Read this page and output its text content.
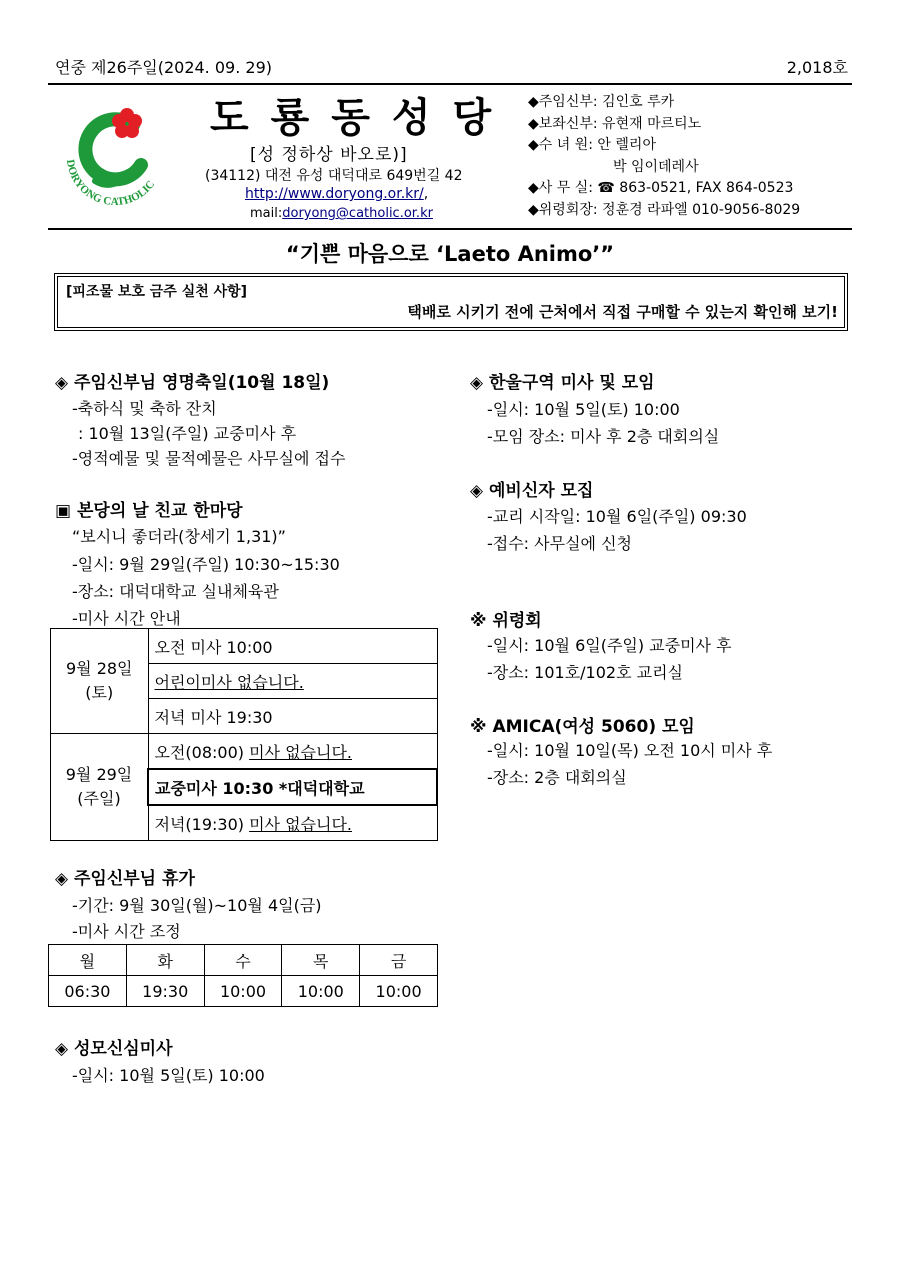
연중 제26주일(2024. 09. 29)	2,018호
DORYONG CATHOLIC
도룡동성당
[성 정하상 바오로)]
(34112) 대전 유성 대덕대로 649번길 42
http://www.doryong.or.kr/,
mail:doryong@catholic.or.kr
◆주임신부: 김인호 루카
◆보좌신부: 유현재 마르티노
◆수 녀 원: 안 렐리아
박 임이데레사
◆사 무 실: ☎ 863-0521, FAX 864-0523
◆위령회장: 정훈경 라파엘 010-9056-8029
“기쁜 마음으로 ‘Laeto Animo’”
[피조물 보호 금주 실천 사항]
택배로 시키기 전에 근처에서 직접 구매할 수 있는지 확인해 보기!
◈ 주임신부님 영명축일(10월 18일)
-축하식 및 축하 잔치
: 10월 13일(주일) 교중미사 후
-영적예물 및 물적예물은 사무실에 접수
▣ 본당의 날 친교 한마당
“보시니 좋더라(창세기 1,31)”
-일시: 9월 29일(주일) 10:30~15:30
-장소: 대덕대학교 실내체육관
-미사 시간 안내
9월 28일
(토)	오전 미사 10:00
	어린이미사 없습니다.
	저녁 미사 19:30
9월 29일
(주일)	오전(08:00) 미사 없습니다.
	교중미사 10:30 *대덕대학교
	저녁(19:30) 미사 없습니다.
◈ 주임신부님 휴가
-기간: 9월 30일(월)~10월 4일(금)
-미사 시간 조정
월	화	수	목	금
06:30	19:30	10:00	10:00	10:00
◈ 성모신심미사
-일시: 10월 5일(토) 10:00
◈ 한울구역 미사 및 모임
-일시: 10월 5일(토) 10:00
-모임 장소: 미사 후 2층 대회의실
◈ 예비신자 모집
-교리 시작일: 10월 6일(주일) 09:30
-접수: 사무실에 신청
※ 위령회
-일시: 10월 6일(주일) 교중미사 후
-장소: 101호/102호 교리실
※ AMICA(여성 5060) 모임
-일시: 10월 10일(목) 오전 10시 미사 후
-장소: 2층 대회의실
